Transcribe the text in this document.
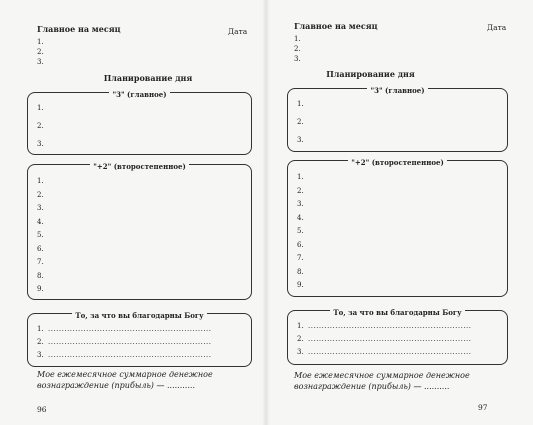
Главное на месяц	Дата
1.
2.
3.
Планирование дня
"3" (главное)
1.
2.
3.
"+2" (второстепенное)
1.
2.
3.
4.
5.
6.
7.
8.
9.
То, за что вы благодарны Богу
1. ............................................................
2. ............................................................
3. ............................................................
Мое ежемесячное суммарное денежное
вознаграждение (прибыль) — ...........
96
Главное на месяц	Дата
1.
2.
3.
Планирование дня
"3" (главное)
1.
2.
3.
"+2" (второстепенное)
1.
2.
3.
4.
5.
6.
7.
8.
9.
То, за что вы благодарны Богу
1. ............................................................
2. ............................................................
3. ............................................................
Мое ежемесячное суммарное денежное
вознаграждение (прибыль) — ..........
97
